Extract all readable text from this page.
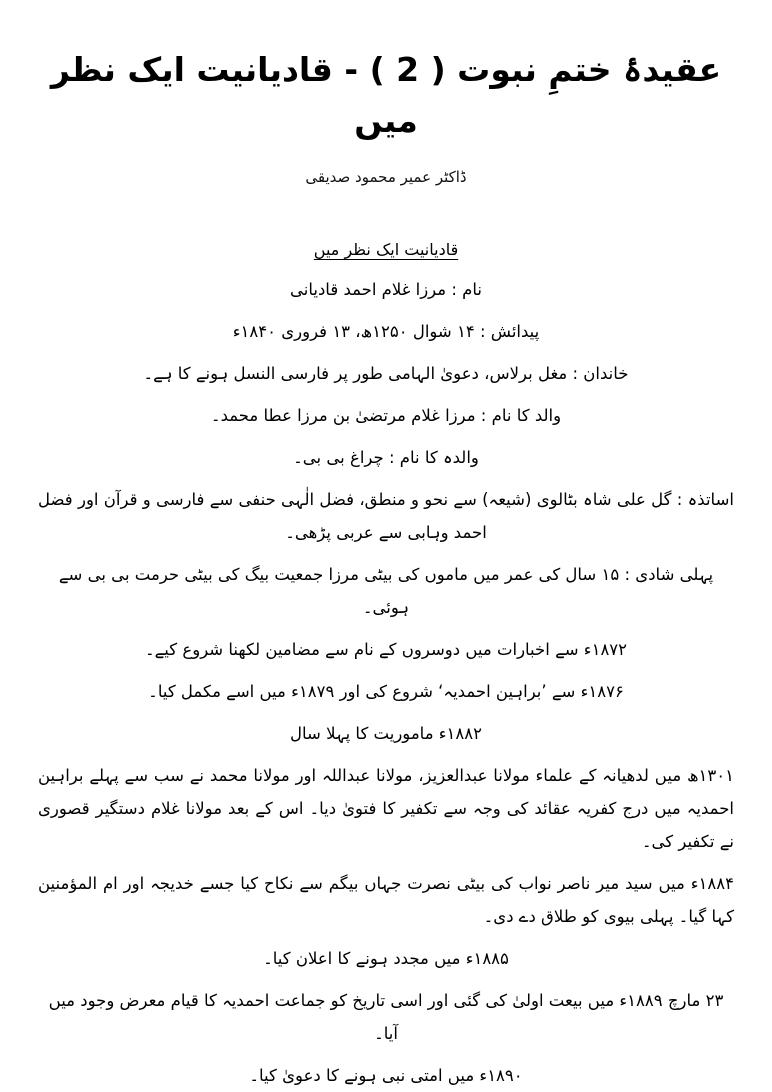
عقیدۂ ختمِ نبوت ( 2 ) - قادیانیت ایک نظر میں
ڈاکٹر عمیر محمود صدیقی
قادیانیت ایک نظر میں

نام : مرزا غلام احمد قادیانی

پیدائش : ۱۴ شوال ۱۲۵۰ھ، ۱۳ فروری ۱۸۴۰ء

خاندان : مغل برلاس، دعویٰ الہامی طور پر فارسی النسل ہونے کا ہے۔

والد کا نام : مرزا غلام مرتضیٰ بن مرزا عطا محمد۔

والدہ کا نام : چراغ بی بی۔

اساتذہ : گل علی شاہ بٹالوی (شیعہ) سے نحو و منطق، فضل الٰہی حنفی سے فارسی و قرآن اور فضل احمد وہابی سے عربی پڑھی۔

پہلی شادی : ۱۵ سال کی عمر میں ماموں کی بیٹی مرزا جمعیت بیگ کی بیٹی حرمت بی بی سے ہوئی۔

۱۸۷۲ء سے اخبارات میں دوسروں کے نام سے مضامین لکھنا شروع کیے۔

۱۸۷۶ء سے ’براہین احمدیہ‘ شروع کی اور ۱۸۷۹ء میں اسے مکمل کیا۔

۱۸۸۲ء ماموریت کا پہلا سال

۱۳۰۱ھ میں لدھیانہ کے علماء مولانا عبدالعزیز، مولانا عبداللہ اور مولانا محمد نے سب سے پہلے براہین احمدیہ میں درج کفریہ عقائد کی وجہ سے تکفیر کا فتویٰ دیا۔ اس کے بعد مولانا غلام دستگیر قصوری نے تکفیر کی۔

۱۸۸۴ء میں سید میر ناصر نواب کی بیٹی نصرت جہاں بیگم سے نکاح کیا جسے خدیجہ اور ام المؤمنین کہا گیا۔ پہلی بیوی کو طلاق دے دی۔

۱۸۸۵ء میں مجدد ہونے کا اعلان کیا۔

۲۳ مارچ ۱۸۸۹ء میں بیعت اولیٰ کی گئی اور اسی تاریخ کو جماعت احمدیہ کا قیام معرض وجود میں آیا۔

۱۸۹۰ء میں امتی نبی ہونے کا دعویٰ کیا۔
